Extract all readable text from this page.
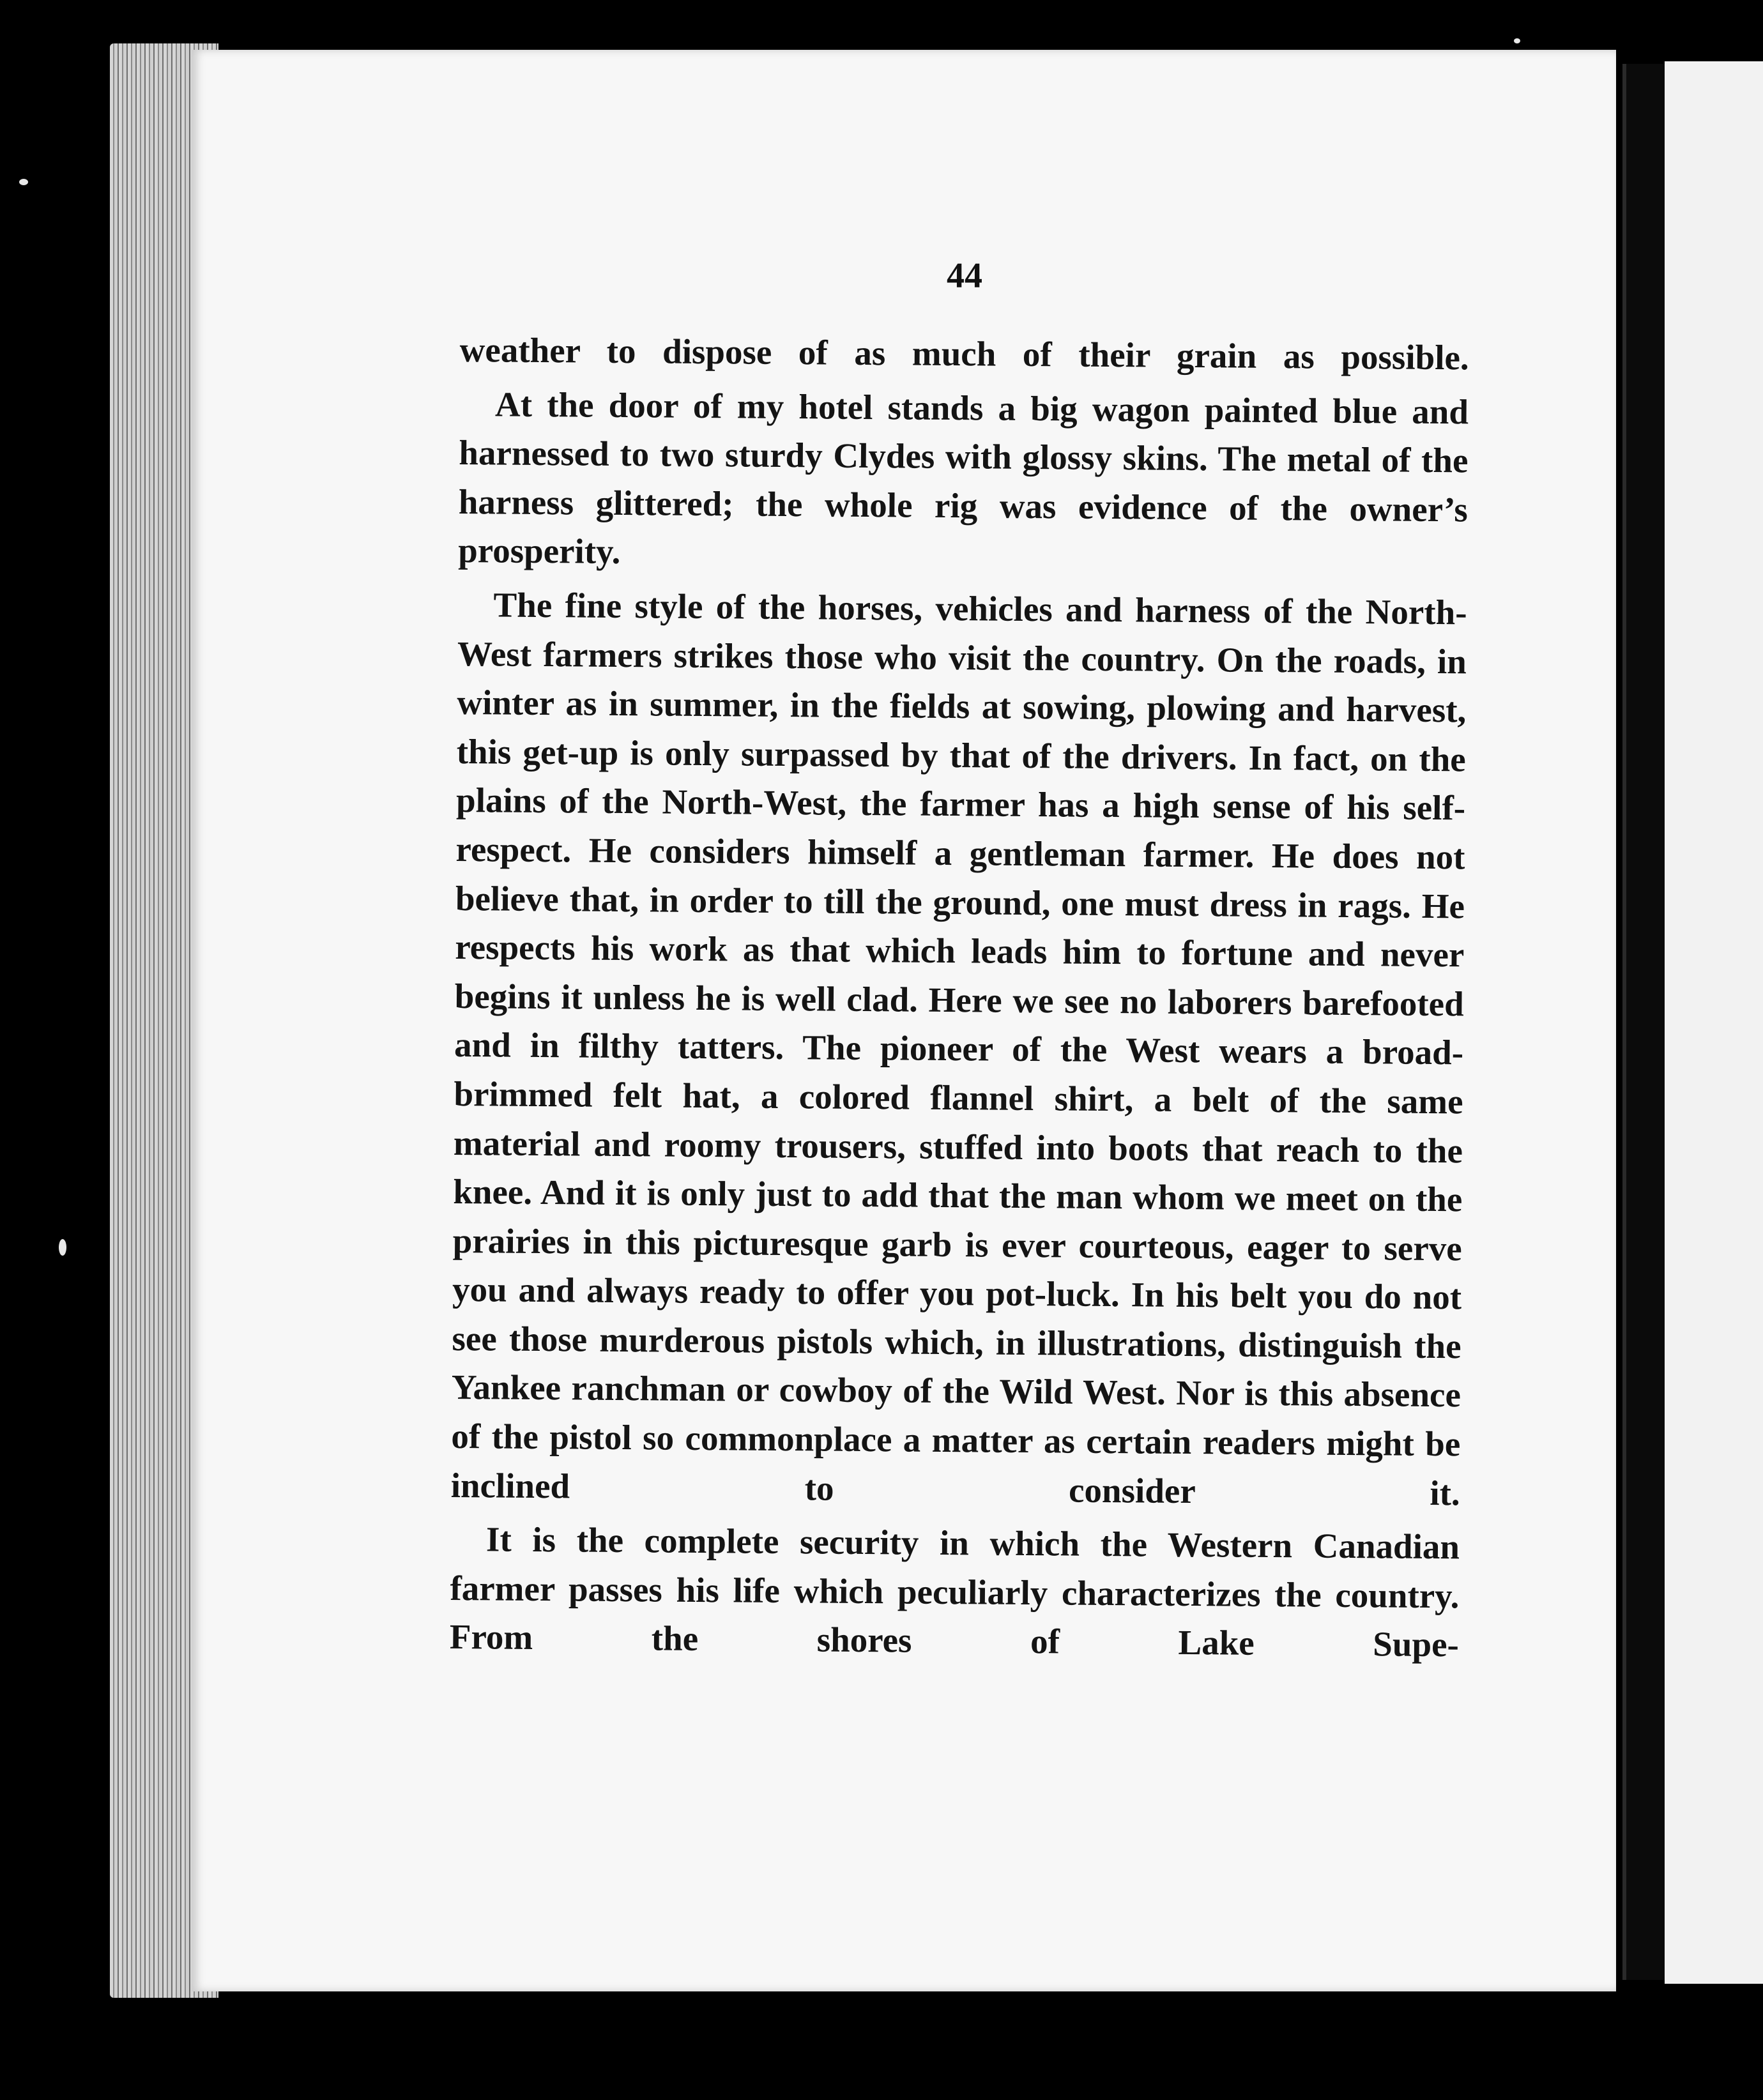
44

weather to dispose of as much of their grain as possible.

At the door of my hotel stands a big wagon painted blue and harnessed to two sturdy Clydes with glossy skins. The metal of the harness glittered; the whole rig was evidence of the owner’s prosperity.

The fine style of the horses, vehicles and harness of the North-West farmers strikes those who visit the country. On the roads, in winter as in summer, in the fields at sowing, plowing and harvest, this get-up is only surpassed by that of the drivers. In fact, on the plains of the North-West, the farmer has a high sense of his self-respect. He considers himself a gentleman farmer. He does not believe that, in order to till the ground, one must dress in rags. He respects his work as that which leads him to fortune and never begins it unless he is well clad. Here we see no laborers barefooted and in filthy tatters. The pioneer of the West wears a broad-brimmed felt hat, a colored flannel shirt, a belt of the same material and roomy trousers, stuffed into boots that reach to the knee. And it is only just to add that the man whom we meet on the prairies in this picturesque garb is ever courteous, eager to serve you and always ready to offer you pot-luck. In his belt you do not see those murderous pistols which, in illustrations, distinguish the Yankee ranchman or cowboy of the Wild West. Nor is this absence of the pistol so commonplace a matter as certain readers might be inclined to consider it.

It is the complete security in which the Western Canadian farmer passes his life which peculiarly characterizes the country. From the shores of Lake Supe-
